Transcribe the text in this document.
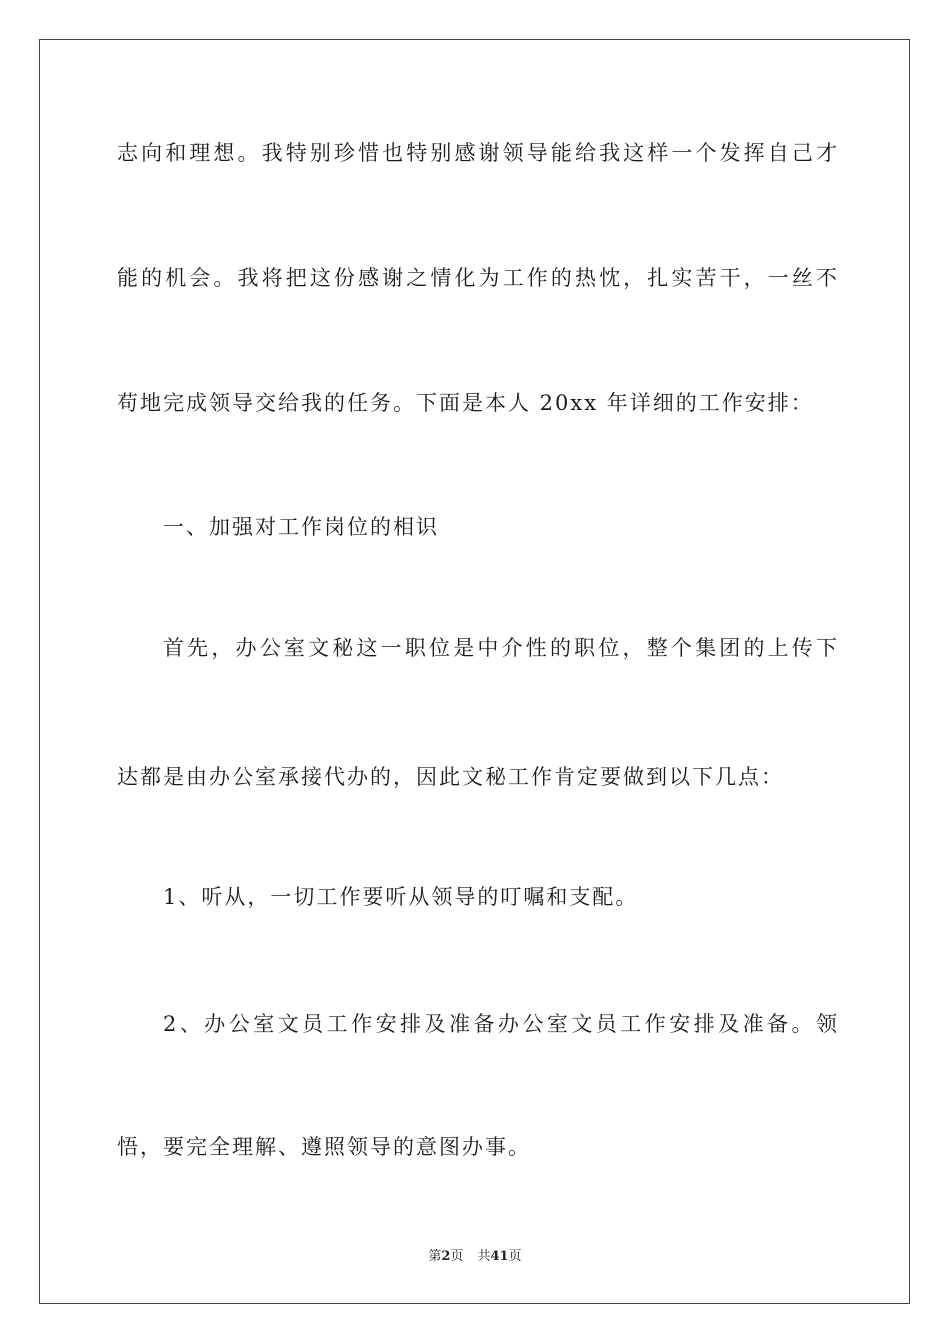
志向和理想。我特别珍惜也特别感谢领导能给我这样一个发挥自己才
能的机会。我将把这份感谢之情化为工作的热忱，扎实苦干，一丝不
苟地完成领导交给我的任务。下面是本人 20xx 年详细的工作安排：
一、加强对工作岗位的相识
首先，办公室文秘这一职位是中介性的职位，整个集团的上传下
达都是由办公室承接代办的，因此文秘工作肯定要做到以下几点：
1、听从，一切工作要听从领导的叮嘱和支配。
2、办公室文员工作安排及准备办公室文员工作安排及准备。领
悟，要完全理解、遵照领导的意图办事。
第2页 共41页
